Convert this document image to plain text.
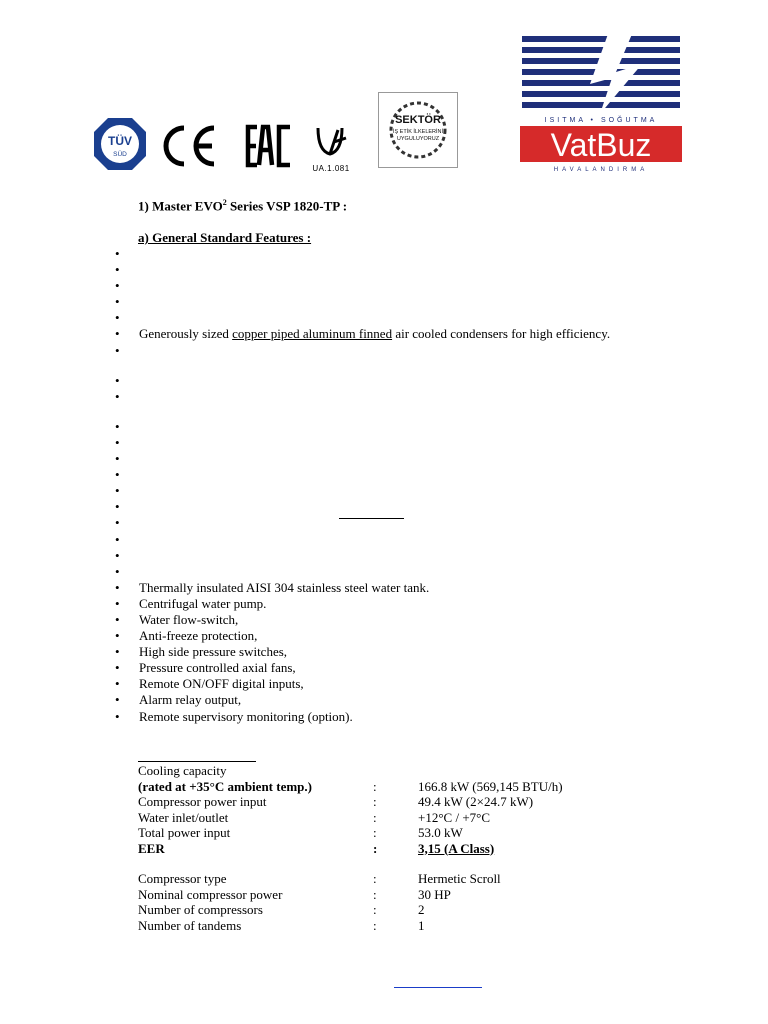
TÜV
SÜD
UA.1.081
SEKTÖR
İŞ ETİK İLKELERİNİ
UYGULUYORUZ
ISITMA • SOĞUTMA
VatBuz
HAVALANDIRMA
1) Master EVO$^2$ Series VSP 1820-TP :
a) General Standard Features :
•
•
•
•
•
• Generously sized copper piped aluminum finned air cooled condensers for high efficiency.
•
•
•
•
•
•
•
•
•
•
•
•
•
• Thermally insulated AISI 304 stainless steel water tank.
• Centrifugal water pump.
• Water flow-switch,
• Anti-freeze protection,
• High side pressure switches,
• Pressure controlled axial fans,
• Remote ON/OFF digital inputs,
• Alarm relay output,
• Remote supervisory monitoring (option).
Cooling capacity
(rated at +35°C ambient temp.)	:	166.8 kW (569,145 BTU/h)
Compressor power input	:	49.4 kW (2×24.7 kW)
Water inlet/outlet	:	+12°C / +7°C
Total power input	:	53.0 kW
EER	:	3,15 (A Class)
Compressor type	:	Hermetic Scroll
Nominal compressor power	:	30 HP
Number of compressors	:	2
Number of tandems	:	1
